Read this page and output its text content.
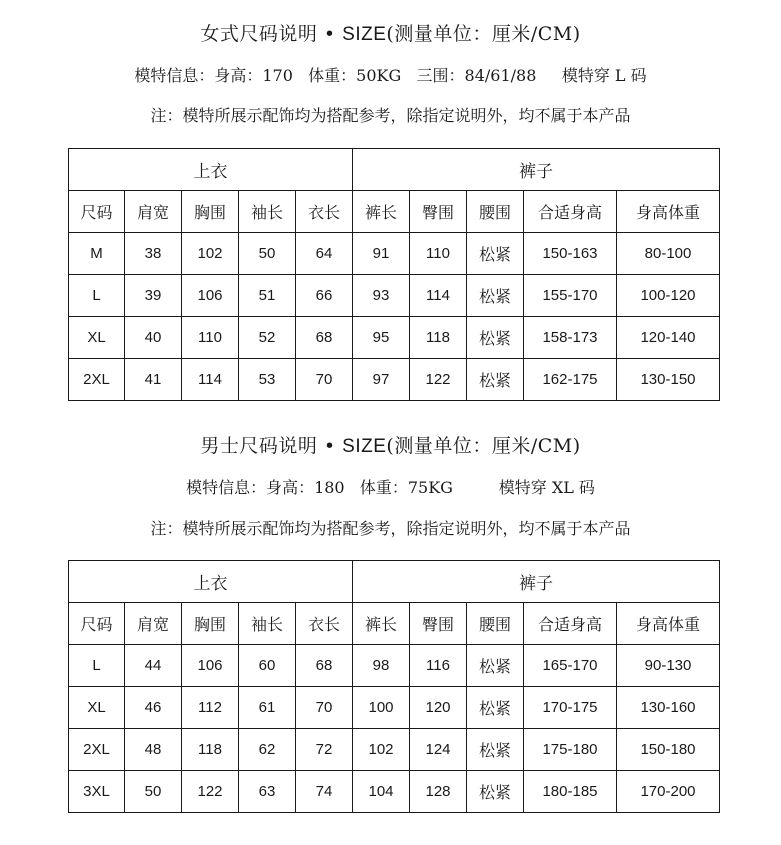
女式尺码说明 • SIZE(测量单位：厘米/CM)
模特信息：身高：170   体重：50KG   三围：84/61/88     模特穿 L 码
注：模特所展示配饰均为搭配参考，除指定说明外，均不属于本产品
上衣					裤子				
尺码	肩宽	胸围	袖长	衣长	裤长	臀围	腰围	合适身高	身高体重
M	38	102	50	64	91	110	松紧	150-163	80-100
L	39	106	51	66	93	114	松紧	155-170	100-120
XL	40	110	52	68	95	118	松紧	158-173	120-140
2XL	41	114	53	70	97	122	松紧	162-175	130-150
男士尺码说明 • SIZE(测量单位：厘米/CM)
模特信息：身高：180   体重：75KG         模特穿 XL 码
注：模特所展示配饰均为搭配参考，除指定说明外，均不属于本产品
上衣					裤子				
尺码	肩宽	胸围	袖长	衣长	裤长	臀围	腰围	合适身高	身高体重
L	44	106	60	68	98	116	松紧	165-170	90-130
XL	46	112	61	70	100	120	松紧	170-175	130-160
2XL	48	118	62	72	102	124	松紧	175-180	150-180
3XL	50	122	63	74	104	128	松紧	180-185	170-200
